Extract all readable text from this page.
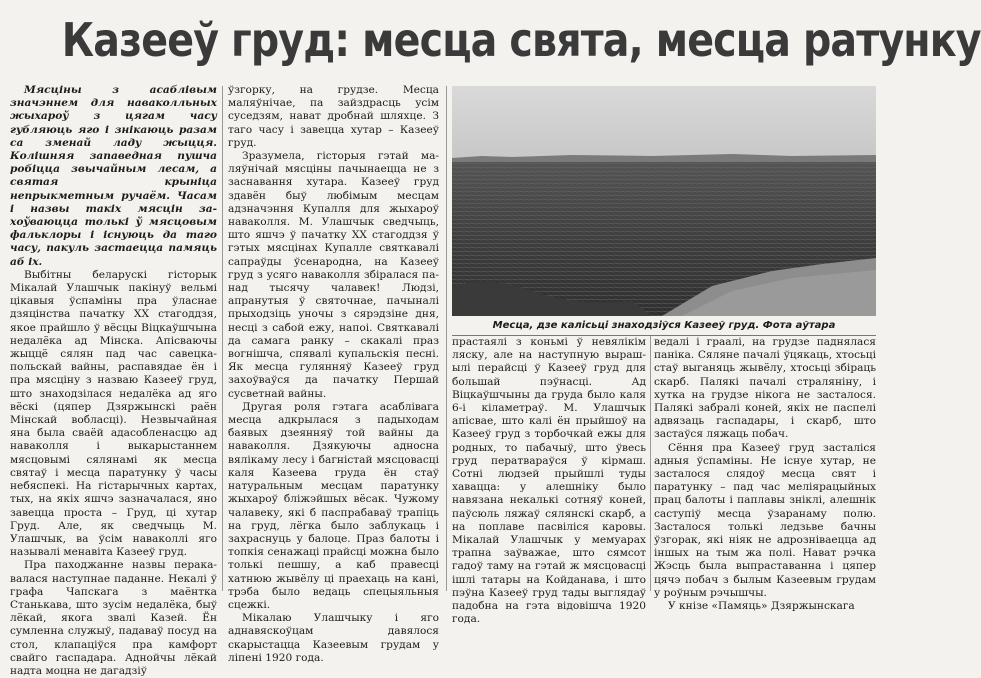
Казееў груд: месца свята, месца ратунку

Мясціны з асаблівым значэннем для наваколльных жыхароў з цягам часу губляюць ягo і знікаюць разам са зменай ладу жыцця. Колішняя запаведная пушча робіцца звычайным лесам, а святая крыніца непрыкметным ручаём. Часам і назвы такіх мясцін захоўваюцца толькі ў мясцовым фальклоры і існуюць да таго часу, пакуль застаецца памяць аб іх.

Выбітны беларускі гісторык Мікалай Улашчык пакінуў вельмі цікавыя ўспаміны пра ўласнае дзяцінства пачатку XX стагоддзя, якое прайшло ў вёсцы Віцкаўшчына недалёка ад Мінска. Апісваючы жыццё сялян пад час савецка-польскай вайны, распавядае ён і пра мясціну з назваю Казееў груд, што знаходзілася недалёка ад яго вёскі (цяпер Дзяржынскі раён Мінскай вобласці). Незвычайная яна была сваёй адасобленасцю ад наваколля і выкарыстаннем мясцовымі сялянамі як месца святаў і месца паратунку ў часы небяспекі. На гістарычных картах, тых, на якіх яшчэ зазначалася, яно завецца проста – Груд, ці хутар Груд. Але, як сведчыць М. Улашчык, ва ўсім наваколлі яго называлі менавіта Казееў груд.

Пра паходжанне назвы перакавалася наступнае паданне. Некалі ў графа Чапскага з маёнтка Станькава, што зусім недалёка, быў лёкай, якога звалі Казей. Ён сумленна служыў, падаваў посуд на стол, клапаціўся пра камфорт свайго гаспадара. Аднойчы лёкай надта моцна не дагадзіў

ўзгорку, на грудзе. Месца маляўнічае, па зайздрасць усім суседзям, нават дробнай шляхце. З таго часу і завецца хутар – Казееў груд.

Зразумела, гісторыя гэтай маляўнічай мясціны пачынаецца не з заснавання хутара. Казееў груд здавён быў любімым месцам адзначэння Купалля для жыхароў наваколля. М. Улашчык сведчыць, што яшчэ ў пачатку XX стагоддзя ў гэтых мясцінах Купалле святкавалі сапраўды ўсенародна, на Казееў груд з усяго наваколля збіралася па-над тысячу чалавек! Людзі, апранутыя ў святочнае, пачыналі прыходзіць уночы з сярэдзіне дня, несці з сабой ежу, напоі. Святкавалі да самага ранку – скакалі праз вогнішча, спявалі купальскія песні. Як месца гулянняў Казееў груд захоўваўся да пачатку Першай сусветнай вайны.

Другая роля гэтага асаблівага месца адкрылася з падыходам баявых дзеянняў той вайны да наваколля. Дзякуючы адносна вялікаму лесу і багністай мясцовасці каля Казеева груда ён стаў натуральным месцам паратунку жыхароў бліжэйшых вёсак. Чужому чалавеку, які б паспрабаваў трапіць на груд, лёгка было заблукаць і захраснуць у балоце. Праз балоты і топкія сенажаці прайсці можна было толькі пешшу, а каб правесці хатнюю жывёлу ці праехаць на кані, трэба было ведаць спецыяльныя сцежкі.

Мікалаю Улашчыку і яго аднавяскоўцам давялося скарыстацца Казеевым грудам у ліпені 1920 года.

Месца, дзе калісьці знаходзіўся Казееў груд. Фота аўтара

прастаялі з коньмі ў невялікім ляску, але на наступную вырашылі перайсці ў Казееў груд для большай пэўнасці. Ад Віцкаўшчыны да груда было каля 6-і кіламетраў. М. Улашчык апісвае, што калі ён прыйшоў на Казееў груд з торбочкай ежы для родных, то пабачыў, што ўвесь груд ператвараўся ў кірмаш. Сотні людзей прыйшлі туды хавацца: у алешніку было навязана некалькі сотняў коней, паўсюль ляжаў сялянскі скарб, а на поплаве пасвіліся каровы. Мікалай Улашчык у мемуарах трапна заўважае, што сямсот гадоў таму на гэтай ж мясцовасці ішлі татары на Койданава, і што пэўна Казееў груд тады выглядаў падобна на гэта відовішча 1920 года.

ведалі і граалі, на грудзе паднялася паніка. Сяляне пачалі ўцякаць, хтосьці стаў выганяць жывёлу, хтосьці збіраць скарб. Палякі пачалі страляніну, і хутка на грудзе нікога не засталося. Палякі забралі коней, якіх не паспелі адвязаць гаспадары, і скарб, што застаўся ляжаць побач.

Сёння пра Казееў груд засталіся адныя ўспаміны. Не існуе хутар, не засталося слядоў месца свят і паратунку – пад час меліярацыйных прац балоты і паплавы зніклі, алешнік саступіў месца ўзаранаму полю. Засталося толькі ледзьве бачны ўзгорак, які ніяк не адрозніваецца ад іншых на тым жа полі. Нават рэчка Жэсць была выпраставанна і цяпер цячэ побач з былым Казеевым грудам у роўным рэчышчы.

У кнізе «Памяць» Дзяржынскага
